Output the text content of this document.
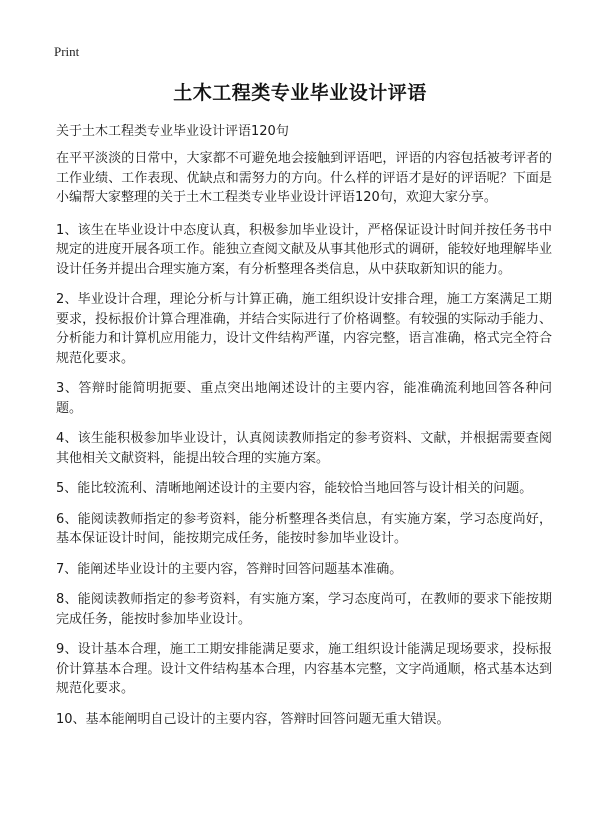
Print
土木工程类专业毕业设计评语
关于土木工程类专业毕业设计评语120句

在平平淡淡的日常中，大家都不可避免地会接触到评语吧，评语的内容包括被考评者的工作业绩、工作表现、优缺点和需努力的方向。什么样的评语才是好的评语呢？下面是小编帮大家整理的关于土木工程类专业毕业设计评语120句，欢迎大家分享。

1、该生在毕业设计中态度认真，积极参加毕业设计，严格保证设计时间并按任务书中规定的进度开展各项工作。能独立查阅文献及从事其他形式的调研，能较好地理解毕业设计任务并提出合理实施方案，有分析整理各类信息，从中获取新知识的能力。

2、毕业设计合理，理论分析与计算正确，施工组织设计安排合理，施工方案满足工期要求，投标报价计算合理准确，并结合实际进行了价格调整。有较强的实际动手能力、分析能力和计算机应用能力，设计文件结构严谨，内容完整，语言准确，格式完全符合规范化要求。

3、答辩时能简明扼要、重点突出地阐述设计的主要内容，能准确流利地回答各种问题。

4、该生能积极参加毕业设计，认真阅读教师指定的参考资料、文献，并根据需要查阅其他相关文献资料，能提出较合理的实施方案。

5、能比较流利、清晰地阐述设计的主要内容，能较恰当地回答与设计相关的问题。

6、能阅读教师指定的参考资料，能分析整理各类信息，有实施方案，学习态度尚好，基本保证设计时间，能按期完成任务，能按时参加毕业设计。

7、能阐述毕业设计的主要内容，答辩时回答问题基本准确。

8、能阅读教师指定的参考资料，有实施方案，学习态度尚可，在教师的要求下能按期完成任务，能按时参加毕业设计。

9、设计基本合理，施工工期安排能满足要求，施工组织设计能满足现场要求，投标报价计算基本合理。设计文件结构基本合理，内容基本完整，文字尚通顺，格式基本达到规范化要求。

10、基本能阐明自己设计的主要内容，答辩时回答问题无重大错误。
